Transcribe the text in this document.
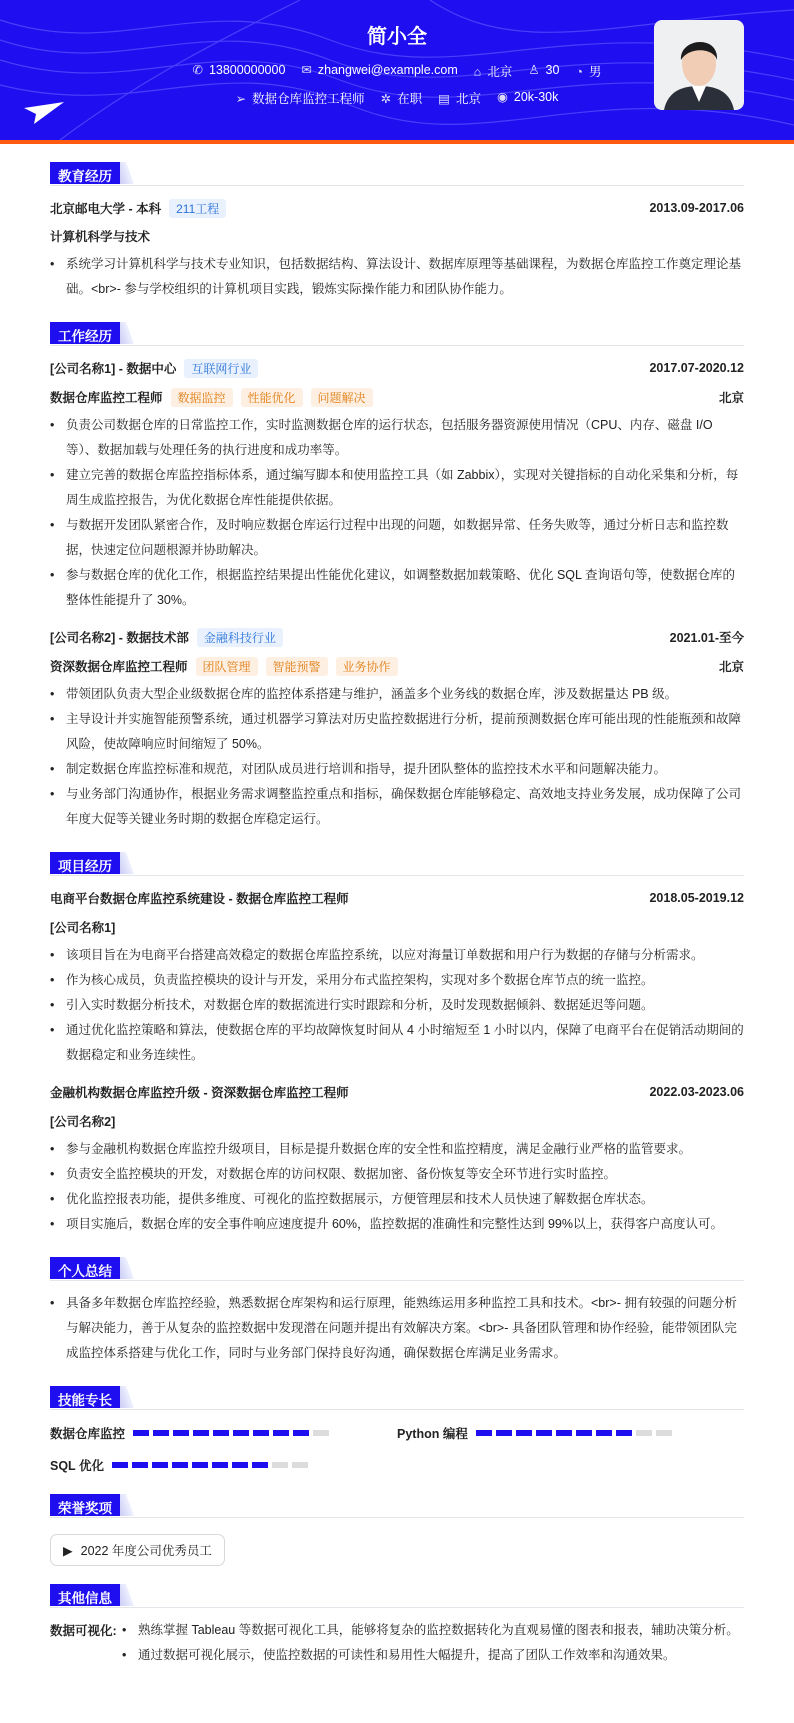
简小全
✆ 13800000000 ✉ zhangwei@example.com ⌂ 北京 ♙ 30 ◔ 男
➢ 数据仓库监控工程师 ✲ 在职 ▤ 北京 ◉ 20k-30k
教育经历
北京邮电大学 - 本科 211工程	2013.09-2017.06
计算机科学与技术
• 系统学习计算机科学与技术专业知识，包括数据结构、算法设计、数据库原理等基础课程，为数据仓库监控工作奠定理论基础。<br>- 参与学校组织的计算机项目实践，锻炼实际操作能力和团队协作能力。
工作经历
[公司名称1] - 数据中心 互联网行业	2017.07-2020.12
数据仓库监控工程师 数据监控 性能优化 问题解决	北京
• 负责公司数据仓库的日常监控工作，实时监测数据仓库的运行状态，包括服务器资源使用情况（CPU、内存、磁盘 I/O 等）、数据加载与处理任务的执行进度和成功率等。
• 建立完善的数据仓库监控指标体系，通过编写脚本和使用监控工具（如 Zabbix），实现对关键指标的自动化采集和分析，每周生成监控报告，为优化数据仓库性能提供依据。
• 与数据开发团队紧密合作，及时响应数据仓库运行过程中出现的问题，如数据异常、任务失败等，通过分析日志和监控数据，快速定位问题根源并协助解决。
• 参与数据仓库的优化工作，根据监控结果提出性能优化建议，如调整数据加载策略、优化 SQL 查询语句等，使数据仓库的整体性能提升了 30%。
[公司名称2] - 数据技术部 金融科技行业	2021.01-至今
资深数据仓库监控工程师 团队管理 智能预警 业务协作	北京
• 带领团队负责大型企业级数据仓库的监控体系搭建与维护，涵盖多个业务线的数据仓库，涉及数据量达 PB 级。
• 主导设计并实施智能预警系统，通过机器学习算法对历史监控数据进行分析，提前预测数据仓库可能出现的性能瓶颈和故障风险，使故障响应时间缩短了 50%。
• 制定数据仓库监控标准和规范，对团队成员进行培训和指导，提升团队整体的监控技术水平和问题解决能力。
• 与业务部门沟通协作，根据业务需求调整监控重点和指标，确保数据仓库能够稳定、高效地支持业务发展，成功保障了公司年度大促等关键业务时期的数据仓库稳定运行。
项目经历
电商平台数据仓库监控系统建设 - 数据仓库监控工程师	2018.05-2019.12
[公司名称1]
• 该项目旨在为电商平台搭建高效稳定的数据仓库监控系统，以应对海量订单数据和用户行为数据的存储与分析需求。
• 作为核心成员，负责监控模块的设计与开发，采用分布式监控架构，实现对多个数据仓库节点的统一监控。
• 引入实时数据分析技术，对数据仓库的数据流进行实时跟踪和分析，及时发现数据倾斜、数据延迟等问题。
• 通过优化监控策略和算法，使数据仓库的平均故障恢复时间从 4 小时缩短至 1 小时以内，保障了电商平台在促销活动期间的数据稳定和业务连续性。
金融机构数据仓库监控升级 - 资深数据仓库监控工程师	2022.03-2023.06
[公司名称2]
• 参与金融机构数据仓库监控升级项目，目标是提升数据仓库的安全性和监控精度，满足金融行业严格的监管要求。
• 负责安全监控模块的开发，对数据仓库的访问权限、数据加密、备份恢复等安全环节进行实时监控。
• 优化监控报表功能，提供多维度、可视化的监控数据展示，方便管理层和技术人员快速了解数据仓库状态。
• 项目实施后，数据仓库的安全事件响应速度提升 60%，监控数据的准确性和完整性达到 99%以上，获得客户高度认可。
个人总结
• 具备多年数据仓库监控经验，熟悉数据仓库架构和运行原理，能熟练运用多种监控工具和技术。<br>- 拥有较强的问题分析与解决能力，善于从复杂的监控数据中发现潜在问题并提出有效解决方案。<br>- 具备团队管理和协作经验，能带领团队完成监控体系搭建与优化工作，同时与业务部门保持良好沟通，确保数据仓库满足业务需求。
技能专长
数据仓库监控	Python 编程
SQL 优化
荣誉奖项
▶ 2022 年度公司优秀员工
其他信息
数据可视化:	• 熟练掌握 Tableau 等数据可视化工具，能够将复杂的监控数据转化为直观易懂的图表和报表，辅助决策分析。
• 通过数据可视化展示，使监控数据的可读性和易用性大幅提升，提高了团队工作效率和沟通效果。
